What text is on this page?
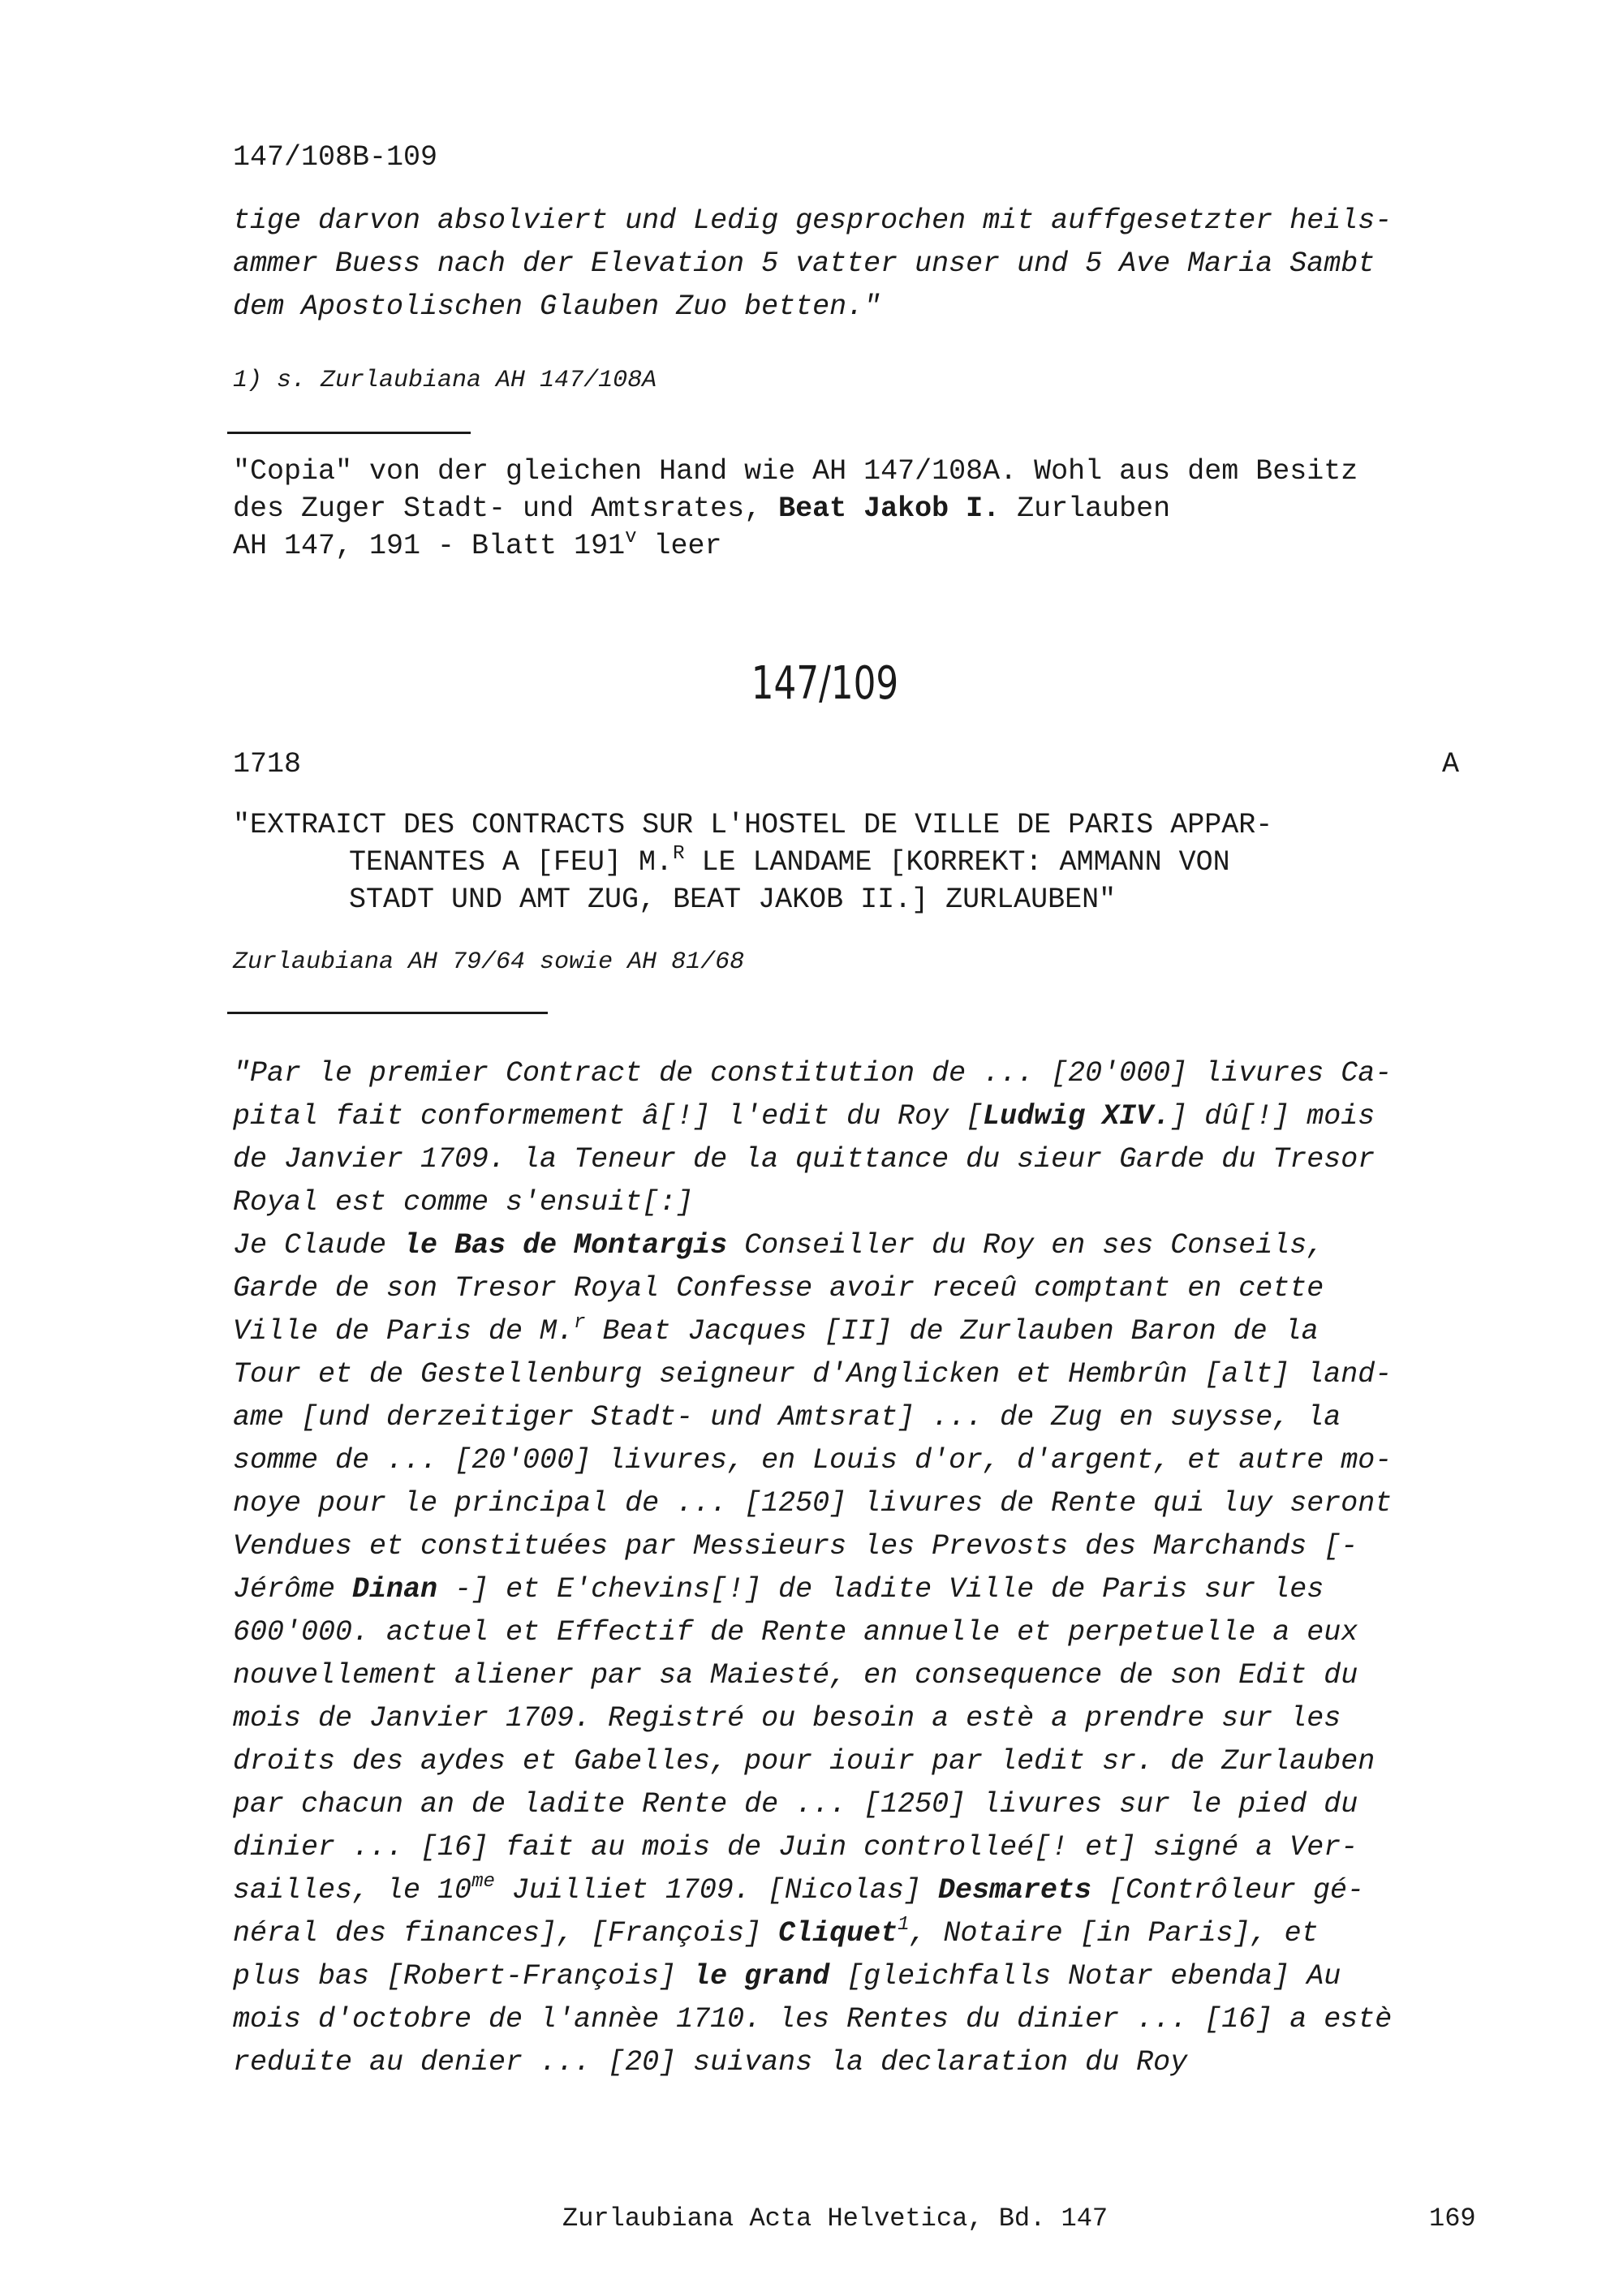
147/108B-109

tige darvon absolviert und Ledig gesprochen mit auffgesetzter heils-
ammer Buess nach der Elevation 5 vatter unser und 5 Ave Maria Sambt
dem Apostolischen Glauben Zuo betten."

1) s. Zurlaubiana AH 147/108A

"Copia" von der gleichen Hand wie AH 147/108A. Wohl aus dem Besitz
des Zuger Stadt- und Amtsrates, Beat Jakob I. Zurlauben
AH 147, 191 - Blatt 191$^v$ leer
147/109

1718	A

"EXTRAICT DES CONTRACTS SUR L'HOSTEL DE VILLE DE PARIS APPAR-
TENANTES A [FEU] M.$^R$ LE LANDAME [KORREKT: AMMANN VON
STADT UND AMT ZUG, BEAT JAKOB II.] ZURLAUBEN"

Zurlaubiana AH 79/64 sowie AH 81/68

"Par le premier Contract de constitution de ... [20'000] livures Ca-
pital fait conformement â[!] l'edit du Roy [Ludwig XIV.] dû[!] mois
de Janvier 1709. la Teneur de la quittance du sieur Garde du Tresor
Royal est comme s'ensuit[:]
Je Claude le Bas de Montargis Conseiller du Roy en ses Conseils,
Garde de son Tresor Royal Confesse avoir receû comptant en cette
Ville de Paris de M.$^r$ Beat Jacques [II] de Zurlauben Baron de la
Tour et de Gestellenburg seigneur d'Anglicken et Hembrûn [alt] land-
ame [und derzeitiger Stadt- und Amtsrat] ... de Zug en suysse, la
somme de ... [20'000] livures, en Louis d'or, d'argent, et autre mo-
noye pour le principal de ... [1250] livures de Rente qui luy seront
Vendues et constituées par Messieurs les Prevosts des Marchands [-
Jérôme Dinan -] et E'chevins[!] de ladite Ville de Paris sur les
600'000. actuel et Effectif de Rente annuelle et perpetuelle a eux
nouvellement aliener par sa Maiesté, en consequence de son Edit du
mois de Janvier 1709. Registré ou besoin a estè a prendre sur les
droits des aydes et Gabelles, pour iouir par ledit sr. de Zurlauben
par chacun an de ladite Rente de ... [1250] livures sur le pied du
dinier ... [16] fait au mois de Juin controlleé[! et] signé a Ver-
sailles, le $10^{me}$ Juilliet 1709. [Nicolas] Desmarets [Contrôleur gé-
néral des finances], [François] Cliquet$^1$, Notaire [in Paris], et
plus bas [Robert-François] le grand [gleichfalls Notar ebenda] Au
mois d'octobre de l'annèe 1710. les Rentes du dinier ... [16] a estè
reduite au denier ... [20] suivans la declaration du Roy

Zurlaubiana Acta Helvetica, Bd. 147	169
